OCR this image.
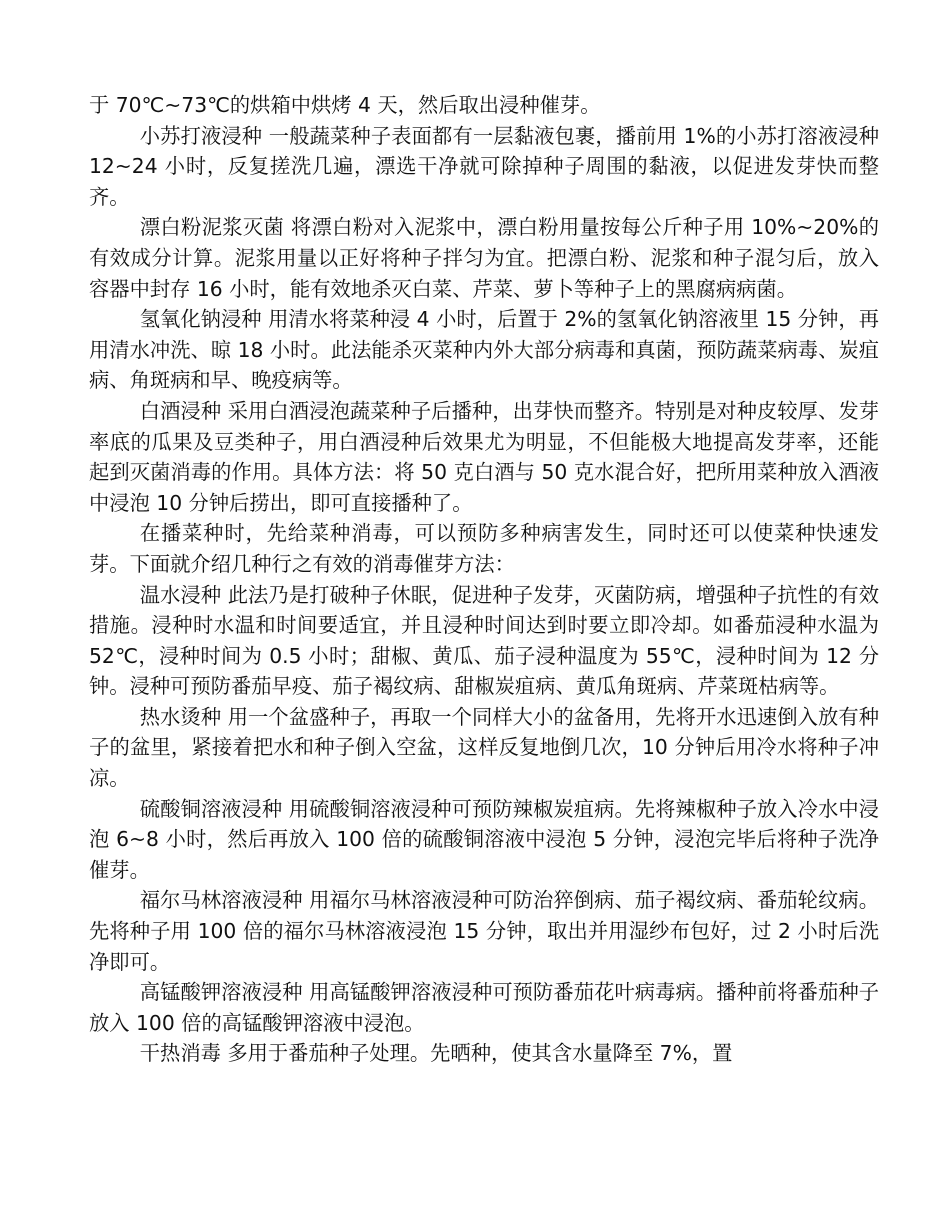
于 70℃~73℃的烘箱中烘烤 4 天，然后取出浸种催芽。

小苏打液浸种 一般蔬菜种子表面都有一层黏液包裹，播前用 1%的小苏打溶液浸种 12~24 小时，反复搓洗几遍，漂选干净就可除掉种子周围的黏液，以促进发芽快而整齐。

漂白粉泥浆灭菌 将漂白粉对入泥浆中，漂白粉用量按每公斤种子用 10%~20%的有效成分计算。泥浆用量以正好将种子拌匀为宜。把漂白粉、泥浆和种子混匀后，放入容器中封存 16 小时，能有效地杀灭白菜、芹菜、萝卜等种子上的黑腐病病菌。

氢氧化钠浸种 用清水将菜种浸 4 小时，后置于 2%的氢氧化钠溶液里 15 分钟，再用清水冲洗、晾 18 小时。此法能杀灭菜种内外大部分病毒和真菌，预防蔬菜病毒、炭疽病、角斑病和早、晚疫病等。

白酒浸种 采用白酒浸泡蔬菜种子后播种，出芽快而整齐。特别是对种皮较厚、发芽率底的瓜果及豆类种子，用白酒浸种后效果尤为明显，不但能极大地提高发芽率，还能起到灭菌消毒的作用。具体方法：将 50 克白酒与 50 克水混合好，把所用菜种放入酒液中浸泡 10 分钟后捞出，即可直接播种了。

在播菜种时，先给菜种消毒，可以预防多种病害发生，同时还可以使菜种快速发芽。下面就介绍几种行之有效的消毒催芽方法：

温水浸种 此法乃是打破种子休眠，促进种子发芽，灭菌防病，增强种子抗性的有效措施。浸种时水温和时间要适宜，并且浸种时间达到时要立即冷却。如番茄浸种水温为 52℃，浸种时间为 0.5 小时；甜椒、黄瓜、茄子浸种温度为 55℃，浸种时间为 12 分钟。浸种可预防番茄早疫、茄子褐纹病、甜椒炭疽病、黄瓜角斑病、芹菜斑枯病等。

热水烫种 用一个盆盛种子，再取一个同样大小的盆备用，先将开水迅速倒入放有种子的盆里，紧接着把水和种子倒入空盆，这样反复地倒几次，10 分钟后用冷水将种子冲凉。

硫酸铜溶液浸种 用硫酸铜溶液浸种可预防辣椒炭疽病。先将辣椒种子放入冷水中浸泡 6~8 小时，然后再放入 100 倍的硫酸铜溶液中浸泡 5 分钟，浸泡完毕后将种子洗净催芽。

福尔马林溶液浸种 用福尔马林溶液浸种可防治猝倒病、茄子褐纹病、番茄轮纹病。先将种子用 100 倍的福尔马林溶液浸泡 15 分钟，取出并用湿纱布包好，过 2 小时后洗净即可。

高锰酸钾溶液浸种 用高锰酸钾溶液浸种可预防番茄花叶病毒病。播种前将番茄种子放入 100 倍的高锰酸钾溶液中浸泡。

干热消毒 多用于番茄种子处理。先晒种，使其含水量降至 7%，置
